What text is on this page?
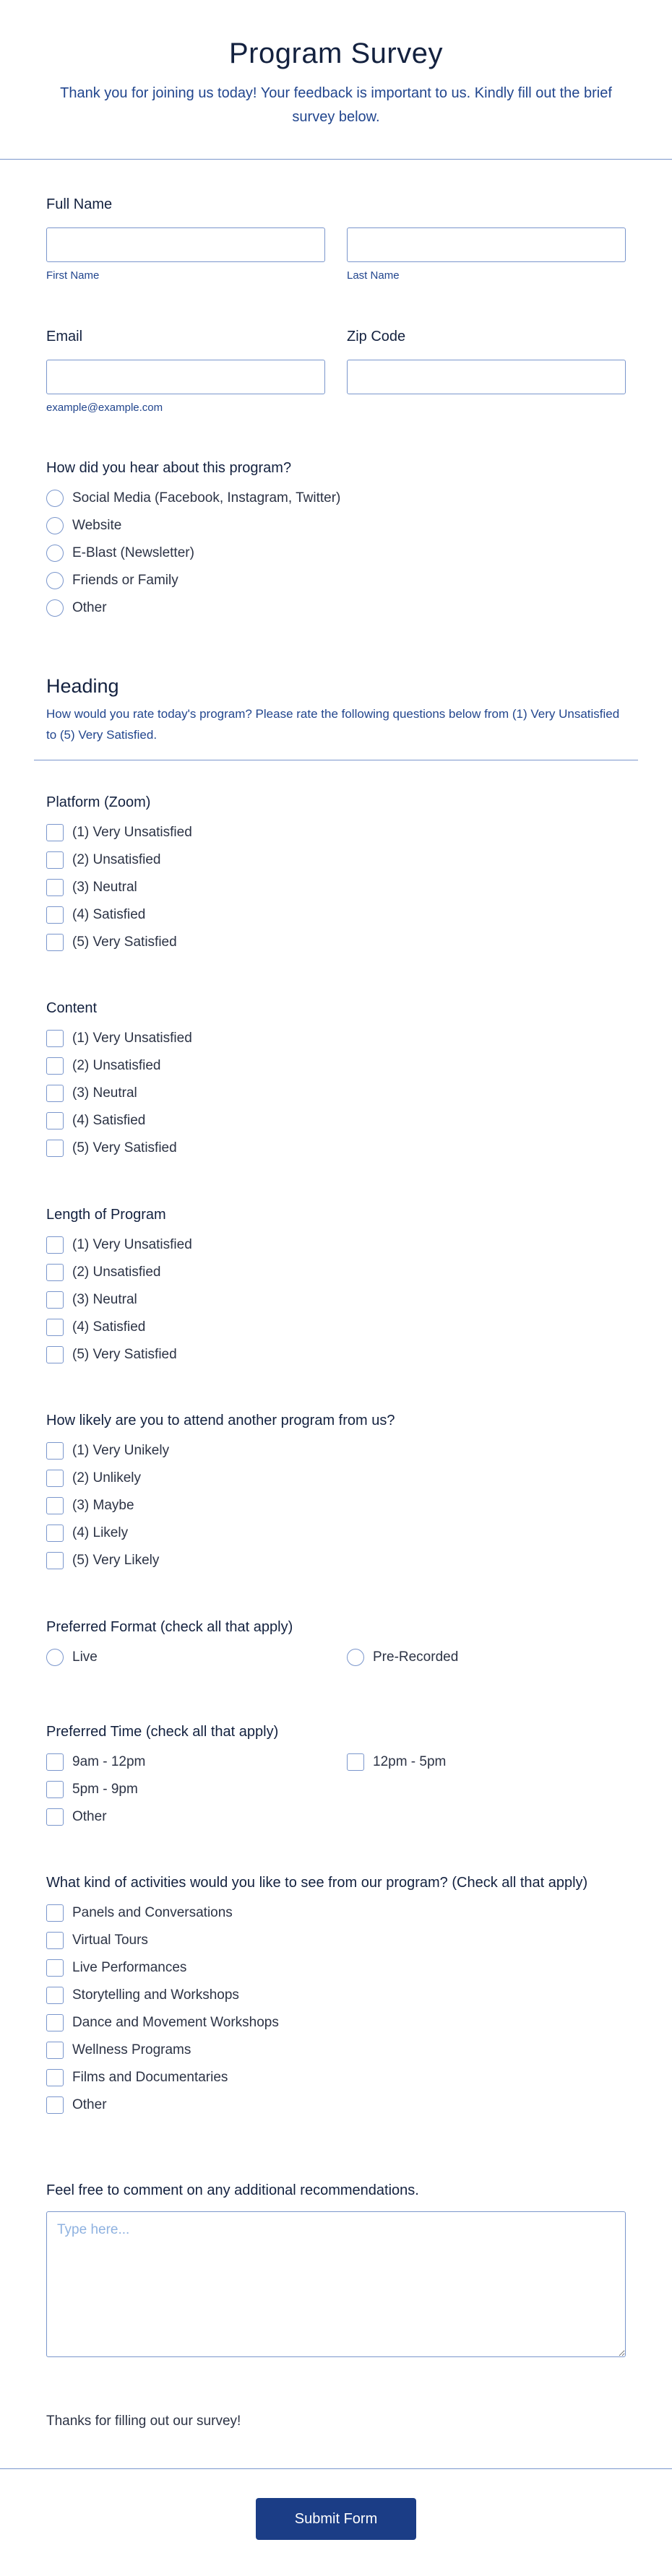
Program Survey

Thank you for joining us today! Your feedback is important to us. Kindly fill out the brief survey below.

Full Name
First Name	Last Name
Email
example@example.com
Zip Code
How did you hear about this program?
Social Media (Facebook, Instagram, Twitter)
Website
E-Blast (Newsletter)
Friends or Family
Other
Heading

How would you rate today's program? Please rate the following questions below from (1) Very Unsatisfied to (5) Very Satisfied.

Platform (Zoom)
(1) Very Unsatisfied
(2) Unsatisfied
(3) Neutral
(4) Satisfied
(5) Very Satisfied
Content
(1) Very Unsatisfied
(2) Unsatisfied
(3) Neutral
(4) Satisfied
(5) Very Satisfied
Length of Program
(1) Very Unsatisfied
(2) Unsatisfied
(3) Neutral
(4) Satisfied
(5) Very Satisfied
How likely are you to attend another program from us?
(1) Very Unikely
(2) Unlikely
(3) Maybe
(4) Likely
(5) Very Likely
Preferred Format (check all that apply)
Live	Pre-Recorded
Preferred Time (check all that apply)
9am - 12pm	12pm - 5pm
5pm - 9pm
Other
What kind of activities would you like to see from our program? (Check all that apply)
Panels and Conversations
Virtual Tours
Live Performances
Storytelling and Workshops
Dance and Movement Workshops
Wellness Programs
Films and Documentaries
Other
Feel free to comment on any additional recommendations.
Type here...
Thanks for filling out our survey!
Submit Form
